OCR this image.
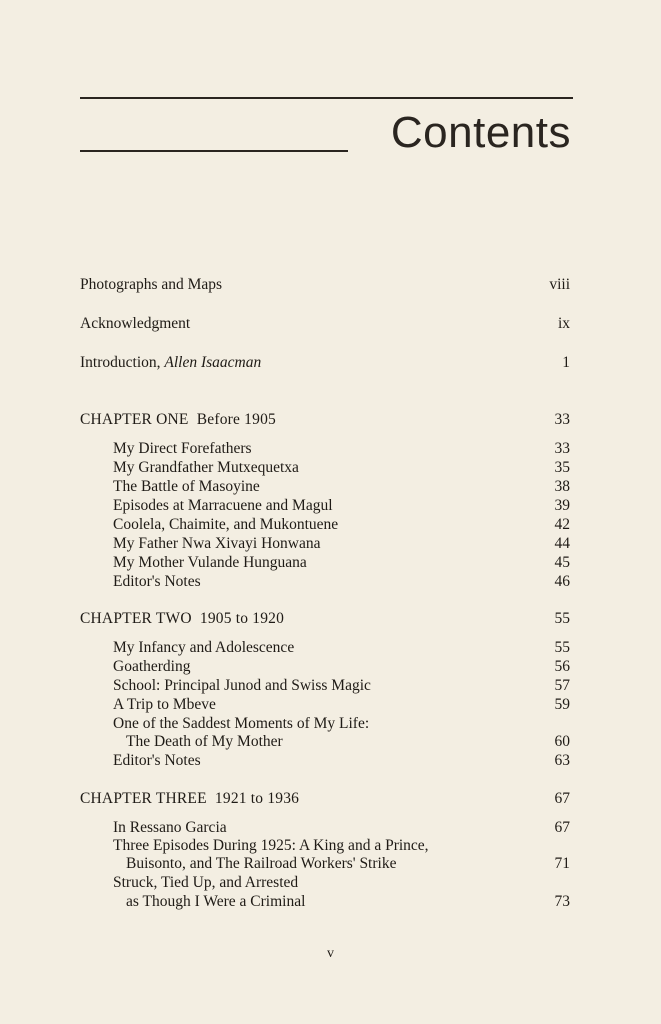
Contents
Photographs and Maps	viii
Acknowledgment	ix
Introduction, Allen Isaacman	1
CHAPTER ONE Before 1905	33
My Direct Forefathers	33
My Grandfather Mutxequetxa	35
The Battle of Masoyine	38
Episodes at Marracuene and Magul	39
Coolela, Chaimite, and Mukontuene	42
My Father Nwa Xivayi Honwana	44
My Mother Vulande Hunguana	45
Editor's Notes	46
CHAPTER TWO 1905 to 1920	55
My Infancy and Adolescence	55
Goatherding	56
School: Principal Junod and Swiss Magic	57
A Trip to Mbeve	59
One of the Saddest Moments of My Life:
The Death of My Mother	60
Editor's Notes	63
CHAPTER THREE 1921 to 1936	67
In Ressano Garcia	67
Three Episodes During 1925: A King and a Prince,
Buisonto, and The Railroad Workers' Strike	71
Struck, Tied Up, and Arrested
as Though I Were a Criminal	73
v
